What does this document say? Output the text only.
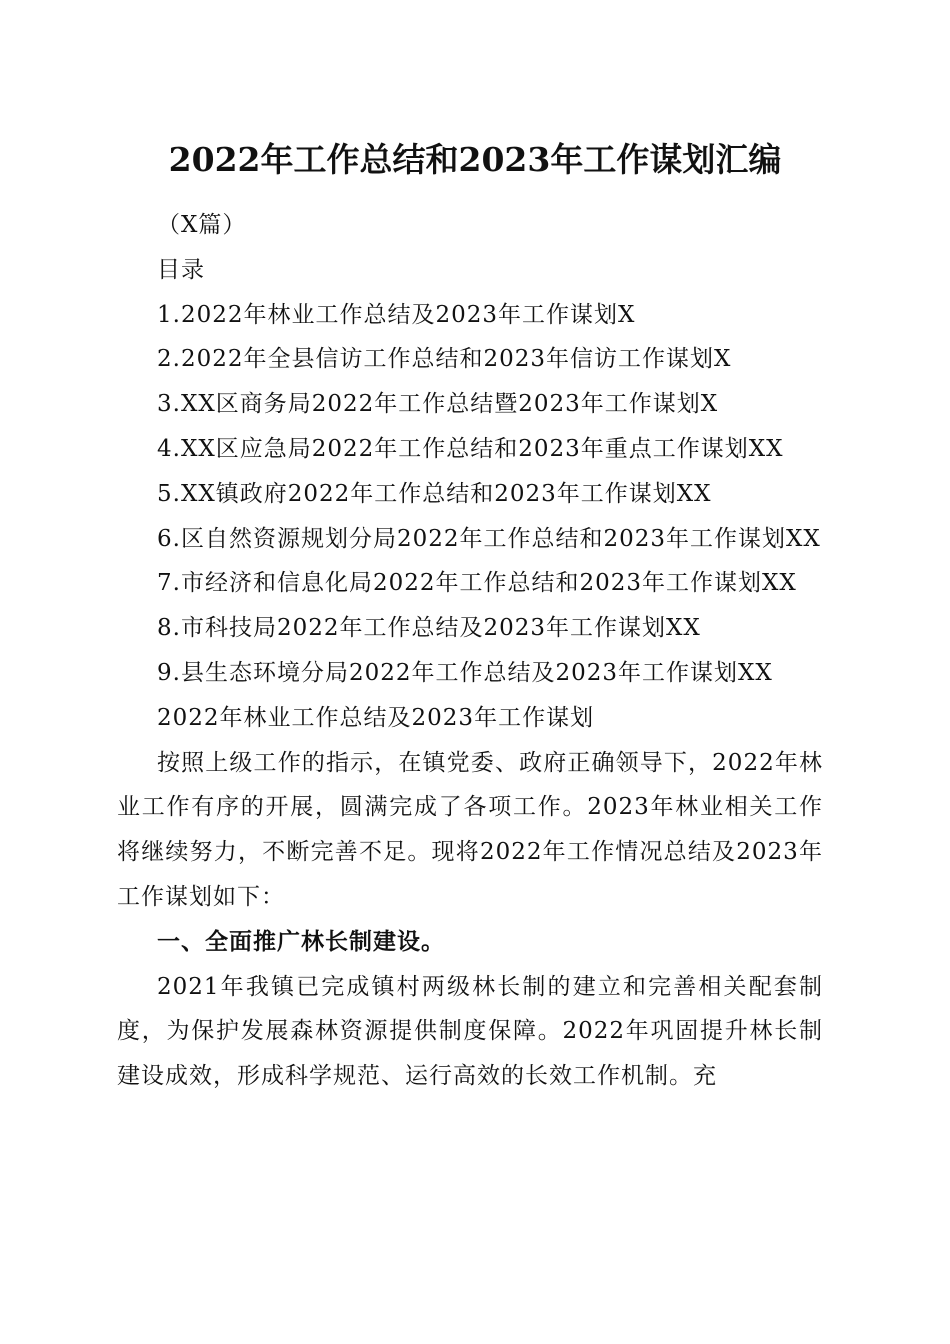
2022年工作总结和2023年工作谋划汇编

（X篇）

目录

1.2022年林业工作总结及2023年工作谋划X

2.2022年全县信访工作总结和2023年信访工作谋划X

3.XX区商务局2022年工作总结暨2023年工作谋划X

4.XX区应急局2022年工作总结和2023年重点工作谋划XX

5.XX镇政府2022年工作总结和2023年工作谋划XX

6.区自然资源规划分局2022年工作总结和2023年工作谋划XX

7.市经济和信息化局2022年工作总结和2023年工作谋划XX

8.市科技局2022年工作总结及2023年工作谋划XX

9.县生态环境分局2022年工作总结及2023年工作谋划XX

2022年林业工作总结及2023年工作谋划

按照上级工作的指示，在镇党委、政府正确领导下，2022年林业工作有序的开展，圆满完成了各项工作。2023年林业相关工作将继续努力，不断完善不足。现将2022年工作情况总结及2023年工作谋划如下：

一、全面推广林长制建设。

2021年我镇已完成镇村两级林长制的建立和完善相关配套制度，为保护发展森林资源提供制度保障。2022年巩固提升林长制建设成效，形成科学规范、运行高效的长效工作机制。充
